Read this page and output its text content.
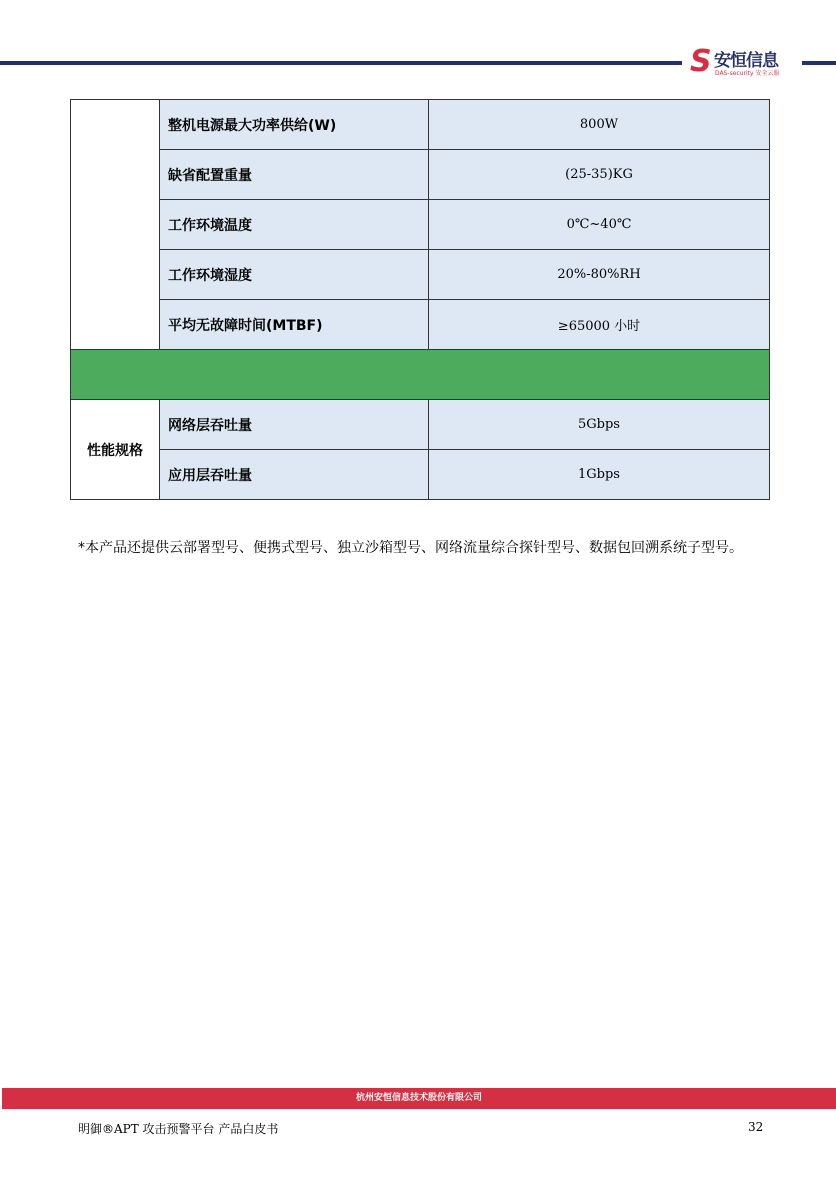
S 安恒信息
DAS-security 安全云服
	整机电源最大功率供给(W)	800W
	缺省配置重量	(25-35)KG
	工作环境温度	0℃~40℃
	工作环境湿度	20%-80%RH
	平均无故障时间(MTBF)	≥65000 小时

性能规格	网络层吞吐量	5Gbps
	应用层吞吐量	1Gbps
*本产品还提供云部署型号、便携式型号、独立沙箱型号、网络流量综合探针型号、数据包回溯系统子型号。
杭州安恒信息技术股份有限公司
明御®APT 攻击预警平台 产品白皮书	32
